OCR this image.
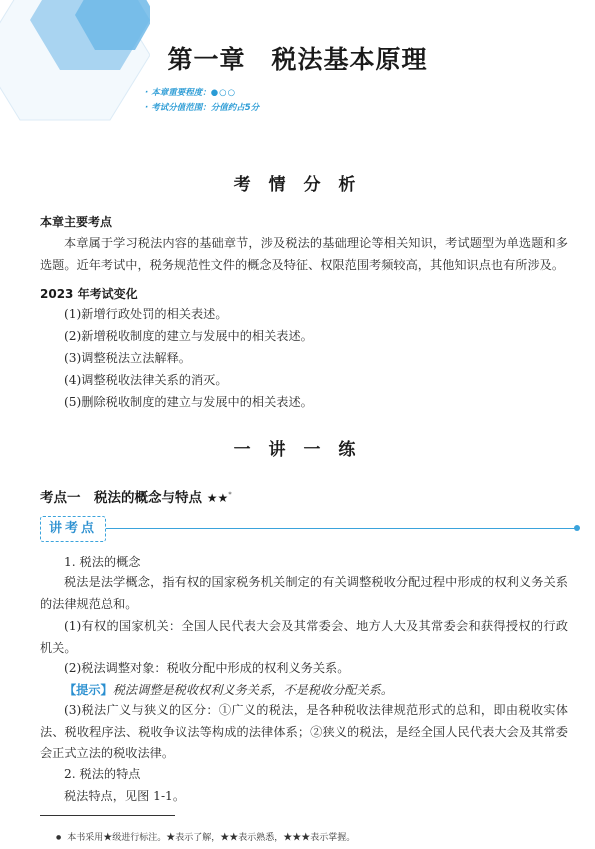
第一章　税法基本原理
· 本章重要程度：●○○
· 考试分值范围：分值约占5分
考 情 分 析
本章主要考点
本章属于学习税法内容的基础章节，涉及税法的基础理论等相关知识，考试题型为单选题和多选题。近年考试中，税务规范性文件的概念及特征、权限范围考频较高，其他知识点也有所涉及。
2023 年考试变化
(1)新增行政处罚的相关表述。
(2)新增税收制度的建立与发展中的相关表述。
(3)调整税法立法解释。
(4)调整税收法律关系的消灭。
(5)删除税收制度的建立与发展中的相关表述。
一 讲 一 练
考点一　税法的概念与特点 ★★*
讲考点
1. 税法的概念
税法是法学概念，指有权的国家税务机关制定的有关调整税收分配过程中形成的权利义务关系的法律规范总和。
(1)有权的国家机关：全国人民代表大会及其常委会、地方人大及其常委会和获得授权的行政机关。
(2)税法调整对象：税收分配中形成的权利义务关系。
【提示】税法调整是税收权利义务关系，不是税收分配关系。
(3)税法广义与狭义的区分：①广义的税法，是各种税收法律规范形式的总和，即由税收实体法、税收程序法、税收争议法等构成的法律体系；②狭义的税法，是经全国人民代表大会及其常委会正式立法的税收法律。
2. 税法的特点
税法特点，见图 1-1。
● 本书采用★级进行标注。★表示了解，★★表示熟悉，★★★表示掌握。
